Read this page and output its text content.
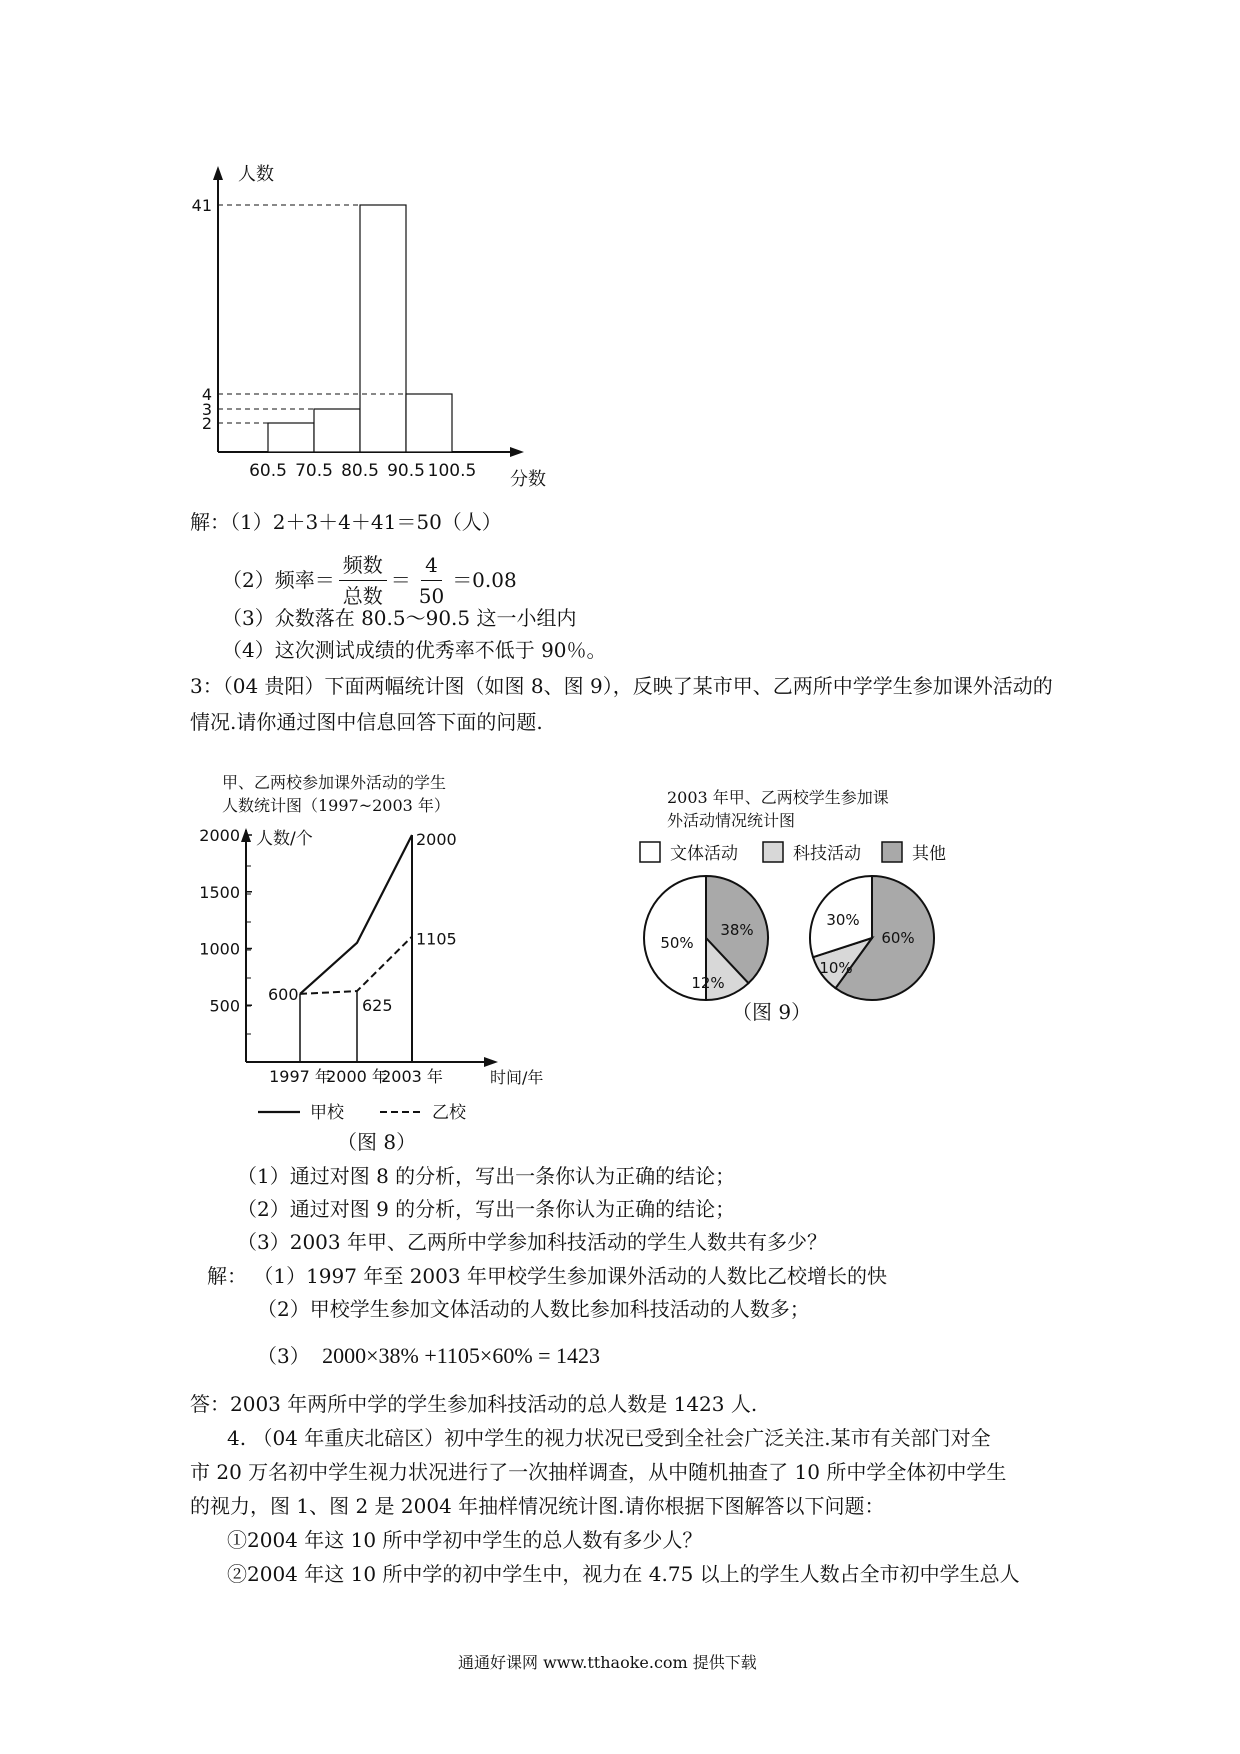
人数
分数
41
4
3
2
60.5 70.5 80.5 90.5 100.5
解：（1）2＋3＋4＋41＝50（人）
（2）频率＝ $\frac{\text{频数}}{\text{总数}} = \frac{4}{50} =0.08$
（3）众数落在 80.5～90.5 这一小组内
（4）这次测试成绩的优秀率不低于 90％。
3：（04 贵阳）下面两幅统计图（如图 8、图 9），反映了某市甲、乙两所中学学生参加课外活动的
情况.请你通过图中信息回答下面的问题.
甲、乙两校参加课外活动的学生
人数统计图（1997~2003 年）
人数/个
时间/年
2000
1500
1000
500
1997 年
2000 年
2003 年
600
625
2000
1105
甲校	乙校
（图 8）
2003 年甲、乙两校学生参加课
外活动情况统计图
文体活动	科技活动	其他
50%
12%
38%
30%
10%
60%
（图 9）
（1）通过对图 8 的分析，写出一条你认为正确的结论；
（2）通过对图 9 的分析，写出一条你认为正确的结论；
（3）2003 年甲、乙两所中学参加科技活动的学生人数共有多少？
解： （1）1997 年至 2003 年甲校学生参加课外活动的人数比乙校增长的快
（2）甲校学生参加文体活动的人数比参加科技活动的人数多；
（3） 2000×38% +1105×60% = 1423
答：2003 年两所中学的学生参加科技活动的总人数是 1423 人.
4. （04 年重庆北碚区）初中学生的视力状况已受到全社会广泛关注.某市有关部门对全
市 20 万名初中学生视力状况进行了一次抽样调查，从中随机抽查了 10 所中学全体初中学生
的视力，图 1、图 2 是 2004 年抽样情况统计图.请你根据下图解答以下问题：
①2004 年这 10 所中学初中学生的总人数有多少人？
②2004 年这 10 所中学的初中学生中，视力在 4.75 以上的学生人数占全市初中学生总人
通通好课网 www.tthaoke.com 提供下载
